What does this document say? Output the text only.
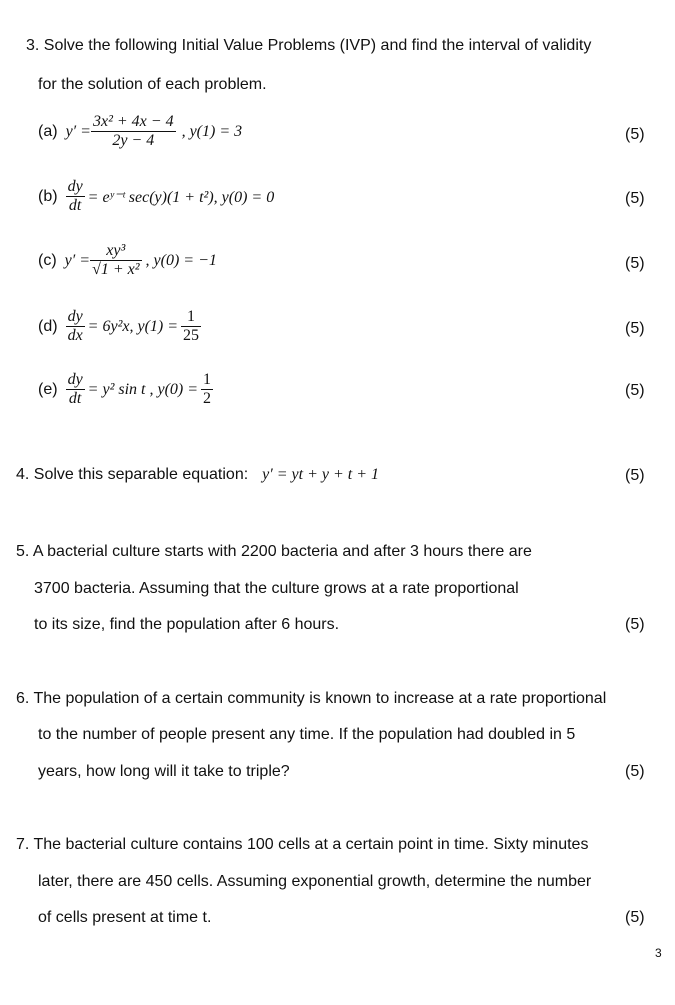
3. Solve the following Initial Value Problems (IVP) and find the interval of validity
for the solution of each problem.
(a) $y' = \frac{\text{3x² + 4x − 4}}{2y - 4}$ , y(1) = 3	(5)
$(b) \frac{dy}{dt}$ = eʸ⁻ᵗ sec(y)(1 + t²), y(0) = 0	(5)
(c) $y' = \frac{\text{xy³}}{\text{√1 + x²}}$ , y(0) = −1	(5)
$(d) \frac{dy}{dx} = 6y^2x$, $y(1) = \frac{1}{25}$	(5)
$(e) \frac{dy}{dt} = y^2$ sin t , $y(0) = \frac{1}{2}$	(5)
4. Solve this separable equation: y′ = yt + y + t + 1	(5)
5. A bacterial culture starts with 2200 bacteria and after 3 hours there are
3700 bacteria. Assuming that the culture grows at a rate proportional
to its size, find the population after 6 hours.	(5)
6. The population of a certain community is known to increase at a rate proportional
to the number of people present any time. If the population had doubled in 5
years, how long will it take to triple?	(5)
7. The bacterial culture contains 100 cells at a certain point in time. Sixty minutes
later, there are 450 cells. Assuming exponential growth, determine the number
of cells present at time t.	(5)
3
